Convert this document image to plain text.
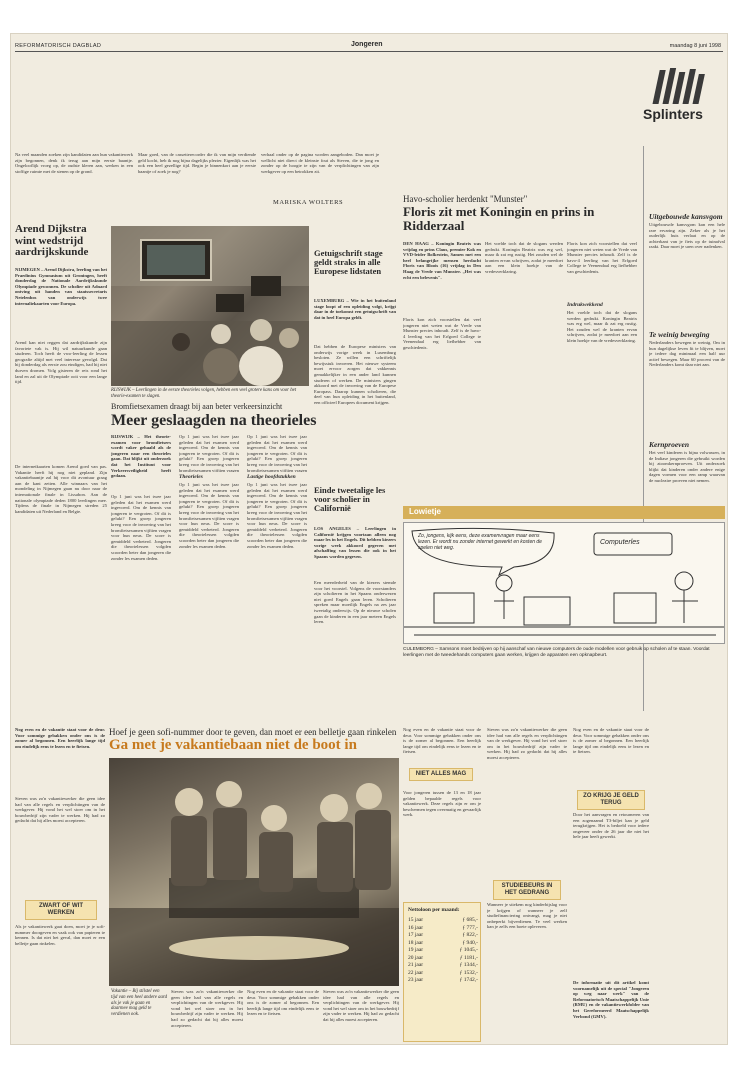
REFORMATORISCH DAGBLAD	Jongeren	maandag 8 juni 1998
Splinters
Na veel maanden zoeken zijn kandidaten aan hun vakantiewerk zijn begonnen, denk ik terug aan mijn eerste baantje. Ongelooflijk vroeg op, de oudste kleren aan, werken in een stoffige ruimte met de stenen op de grond.
Maar goed, van de cassetterecorder die ik van mijn verdiende geld kocht, heb ik nog bijna dagelijks plezier. Eigenlijk was het ook een heel gezellige tijd. Begin je binnenkort aan je eerste baantje of zoek je nog?
verhaal onder op de pagina worden aangeboden. Dan moet je wellicht niet direct de kleinste fout als Steven, die te jong en zonder op de hoogte te zijn van de verplichtingen van zijn werkgever op een betrokken zit.
MARISKA WOLTERS
Arend Dijkstra wint wedstrijd aardrijkskunde
NIJMEGEN – Arend Dijkstra, leerling van het Praedinius Gymnasium uit Groningen, heeft donderdag de Nationale Aardrijkskunde Olympiade gewonnen. De scholier uit Adnard ontving uit handen van staatssecretaris Netelenbos van onderwijs twee internaliekaarten voor Europa.
Arend kan niet reggen dat aardrijkskunde zijn favoriete vak is. Hij wil natuurkunde gaan studeren. Toch heeft de vwo-leerling de lessen geografie altijd met veel interesse gevolgd. Dat hij donderdag als eerste zou eindigen, had hij niet durven dromen. Volg gisteren de reis rond het land en zal uit de Olympiade ooit voor een lange tijd.
De internetkaarten komen Arend goed van pas. Vakantie heeft hij nog niet gepland. Zijn vakantiebaantje zal hij voor dit avontuur graag aan de kant zetten. Alle winnaars van het mondeling in Nijmegen gaan nu door naar de internationale finale in Lissabon. Aan de nationale olympiade deden 1800 leerlingen mee. Tijdens de finale in Nijmegen streden 25 kandidaten uit Nederland en Belgie.
RIJSWIJK – Leerlingen in de eerste theorieles volgen, hebben een veel grotere kans om voor het theorie-examen te slagen.
Getuigschrift stage geldt straks in alle Europese lidstaten
LUXEMBURG – Wie in het buitenland stage loopt of een opleiding volgt, krijgt daar in de toekomst een getuigschrift van dat in heel Europa geldt.
Dat hebben de Europese ministers van onderwijs vorige week in Luxemburg besloten. Ze willen een schriftelijk bewijsstuk invoeren. Het nieuwe systeem moet ervoor zorgen dat vakkennis gemakkelijker in een ander land kunnen studeren of werken. De ministers gingen akkoord met de invoering van de Europese Europass. Daarop kunnen scholieren, die deel van hun opleiding in het buitenland, een officieel Europees document krijgen.
Bromfietsexamen draagt bij aan beter verkeersinzicht
Meer geslaagden na theorieles
RIJSWIJK – Het theorie-examen voor bromfietsers wordt vaker gehaald als de jongeren naar een theorieles gaan. Dat blijkt uit onderzoek dat het Instituut voor Verkeersveiligheid heeft gedaan.
Op 1 juni was het twee jaar geleden dat het examen werd ingevoerd. Om de kennis van jongeren te vergroten. Of dit is gelukt? Een groep jongeren kreeg voor de invoering van het bromfietsexamen vijftien vragen voor hun neus. De score is gemiddeld verbeterd. Jongeren die theorielessen volgden scoorden beter dan jongeren die zonder les examen deden.
Theorieles
Op 1 juni was het twee jaar geleden dat het examen werd ingevoerd. Om de kennis van jongeren te vergroten. Of dit is gelukt? Een groep jongeren kreeg voor de invoering van het bromfietsexamen vijftien vragen
Op 1 juni was het twee jaar geleden dat het examen werd ingevoerd. Om de kennis van jongeren te vergroten. Of dit is gelukt? Een groep jongeren kreeg voor de invoering van het bromfietsexamen vijftien vragen voor hun neus. De score is gemiddeld verbeterd. Jongeren die theorielessen volgden scoorden beter dan jongeren die zonder les examen deden.
Lastige hoofdstukken
Op 1 juni was het twee jaar geleden dat het examen werd ingevoerd. Om de kennis van jongeren te vergroten. Of dit is gelukt? Een groep jongeren kreeg voor de invoering van het bromfietsexamen vijftien vragen
Op 1 juni was het twee jaar geleden dat het examen werd ingevoerd. Om de kennis van jongeren te vergroten. Of dit is gelukt? Een groep jongeren kreeg voor de invoering van het bromfietsexamen vijftien vragen voor hun neus. De score is gemiddeld verbeterd. Jongeren die theorielessen volgden scoorden beter dan jongeren die zonder les examen deden.
Einde tweetalige les voor scholier in Californië
LOS ANGELES – Leerlingen in Californië krijgen voortaan alleen nog maar les in het Engels. Dit hebben kiezers vorige week akkoord gegeven met afschaffing van lessen die ook in het Spaans worden gegeven.
Een meerderheid van de kiezers stemde voor het voorstel. Volgens de voorstanders zijn scholieren in het Spaans onderwezen niet goed Engels gaan leren. Scholieren spreken maar moeilijk Engels na zes jaar tweetalig onderwijs. Op de nieuwe scholen gaan de kinderen in een jaar meteen Engels leren.
Havo-scholier herdenkt "Munster"
Floris zit met Koningin en prins in Ridderzaal
DEN HAAG – Koningin Beatrix was vrijdag en prins Claus, premier Kok en VVD-leider Bolkestein, Samen met een heel belangrijke mensen herdacht Floris van Bloois (16) vrijdag in Den Haag de Vrede van Munster. „Het was echt een belevenis".
Floris kon zich voorstellen dat veel jongeren niet weten wat de Vrede van Munster precies inhoudt. Zelf is de havo-4 leerling van het Erfgoed College te Veenendaal erg liefhebber van geschiedenis.
Het voelde toch dat de slogans werden gedrukt. Koningin Beatrix was erg wel, maar ik zat erg rustig. Het zouden wel de kranten ervan schrijven, zodat je meedoet aan een klein hoekje van de vredesverklaring.
Indrukwekkend
Floris kon zich voorstellen dat veel jongeren niet weten wat de Vrede van Munster precies inhoudt. Zelf is de havo-4 leerling van het Erfgoed College te Veenendaal erg liefhebber van geschiedenis.
Het voelde toch dat de slogans werden gedrukt. Koningin Beatrix was erg wel, maar ik zat erg rustig. Het zouden wel de kranten ervan schrijven, zodat je meedoet aan een klein hoekje van de vredesverklaring.
Uitgebouwde kansvgom
Uitgebouwde kansvgom kan een hele rare ervaring zijn. Zeker als je het ouderlijk huis verlaat en op de achterkant van je fiets op de tuinafval raakt. Daar moet je uren over nadenken.
Te weinig beweging
Nederlanders bewegen te weinig. Om in hun dagelijkse leven fit te blijven, moet je iedere dag minimaal een half uur actief bewegen. Maar 60 procent van de Nederlanders komt daar niet aan.
Kernproeven
Het veel kinderen is bijna volwassen, in de Indiase jongeren die gebruikt worden bij atoomkernproeven. Uit onderzoek blijkt dat kinderen onder andere enige dagen vormen voor een ramp waarvan de nucleaire proeven niet nemen.
Lowietje
Zo, jongens, kijk eens, deze examenvragen maar eens lezen. Er wordt nu zonder internet gewerkt en kosten de spelen niet weg.
Computerles
CULEMBORG – Samsons moet bedrijven op hij aanschaf van nieuwe computers de oude modellen voor gebruik op scholen af te staan. Voordat leerlingen met de tweedehands computers gaan werken, krijgen de apparaten een opknapbeurt.
Hoef je geen sofi-nummer door te geven, dan moet er een belletje gaan rinkelen
Ga met je vakantiebaan niet de boot in
Nog even en de vakantie staat voor de deur. Voor sommige gebakken onder ons is de zomer al begonnen. Een heerlijk lange tijd om eindelijk eens te lezen en te fietsen.
Steven was zo'n vakantiewerker die geen idee had van alle regels en verplichtingen van de werkgever. Hij vond het wel stoer om in het bouwbedrijf zijn vader te werken. Hij had zo gedacht dat hij alles moest accepteren.
ZWART OF WIT WERKEN
Als je vakantiewerk gaat doen, moet je je sofi-nummer doorgeven en vaak ook van papieren te kennen. Is dat niet het geval, dan moet er een belletje gaan rinkelen.
Vakantie – Bij stilstel een tijd van een heel andere aard als je vak je gaan en daarmee mag geld te verdienen ook.
Steven was zo'n vakantiewerker die geen idee had van alle regels en verplichtingen van de werkgever. Hij vond het wel stoer om in het bouwbedrijf zijn vader te werken. Hij had zo gedacht dat hij alles moest accepteren.
Nog even en de vakantie staat voor de deur. Voor sommige gebakken onder ons is de zomer al begonnen. Een heerlijk lange tijd om eindelijk eens te lezen en te fietsen.
Steven was zo'n vakantiewerker die geen idee had van alle regels en verplichtingen van de werkgever. Hij vond het wel stoer om in het bouwbedrijf zijn vader te werken. Hij had zo gedacht dat hij alles moest accepteren.
Nog even en de vakantie staat voor de deur. Voor sommige gebakken onder ons is de zomer al begonnen. Een heerlijk lange tijd om eindelijk eens te lezen en te fietsen.
NIET ALLES MAG
Voor jongeren tussen de 13 en 18 jaar gelden bepaalde regels voor vakantiewerk. Deze regels zijn er om je beschermen tegen overmatig en gevaarlijk werk.
Nettoloon per maand:
15 jaar	ƒ 685,-
16 jaar	ƒ 777,-
17 jaar	ƒ 822,-
18 jaar	ƒ 940,-
19 jaar	ƒ 1045,-
20 jaar	ƒ 1181,-
21 jaar	ƒ 1344,-
22 jaar	ƒ 1532,-
23 jaar	ƒ 1742,-
Steven was zo'n vakantiewerker die geen idee had van alle regels en verplichtingen van de werkgever. Hij vond het wel stoer om in het bouwbedrijf zijn vader te werken. Hij had zo gedacht dat hij alles moest accepteren.
STUDIEBEURS IN HET GEDRANG
Wanneer je stiekem nog kinderbijslag voor je krijgen of wanneer je zelf studiefinanciering ontvangt, mag je niet onbeperkt bijverdienen. Te veel werken kan je zelfs een boete opleveren.
Nog even en de vakantie staat voor de deur. Voor sommige gebakken onder ons is de zomer al begonnen. Een heerlijk lange tijd om eindelijk eens te lezen en te fietsen.
ZO KRIJG JE GELD TERUG
Door het aanvragen en retourneren van een zogenaamd T3-biljet kan je geld terugkrijgen. Het is bedoeld voor iedere ongeveer onder de 26 jaar die niet het hele jaar heeft gewerkt.
De informatie uit dit artikel komt voornamelijk uit de special "Jongeren op weg naar werk" van de Reformatorisch Maatschappelijk Unie (RMU) en de vakantiewerkfolder van het Gereformeerd Maatschappelijk Verbond (GMV).
